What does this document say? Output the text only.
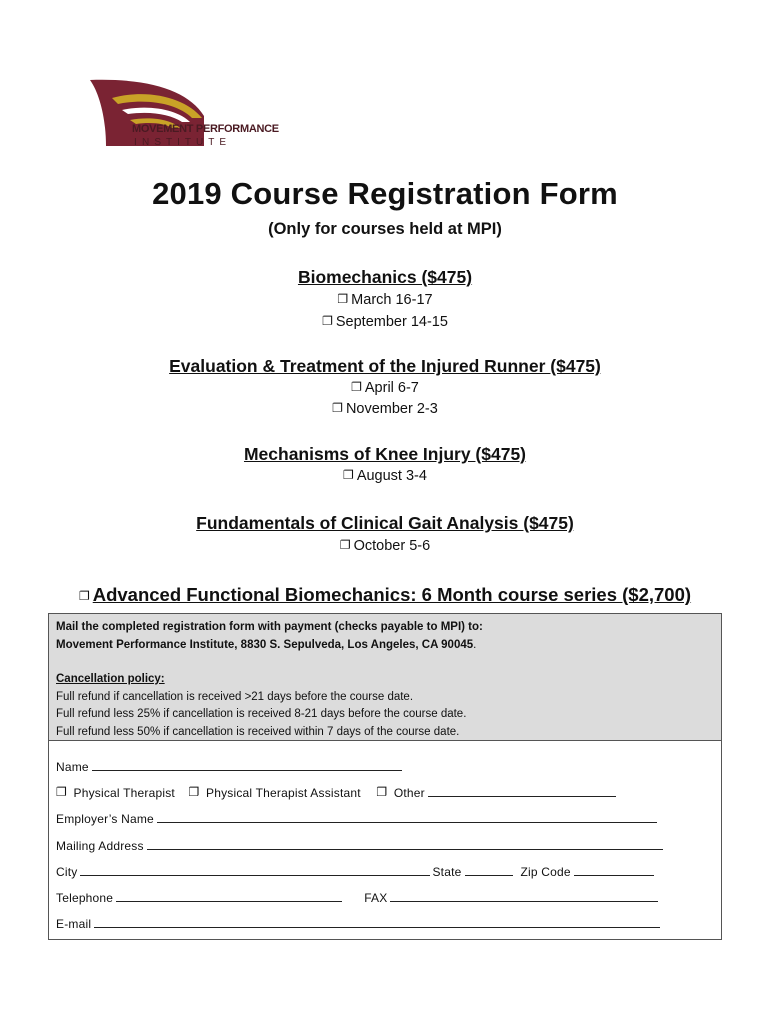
MOVEMENT PERFORMANCE
I N S T I T U T E
2019 Course Registration Form
(Only for courses held at MPI)
Biomechanics ($475)
❐ March 16-17
❐ September 14-15
Evaluation & Treatment of the Injured Runner ($475)
❐ April 6-7
❐ November 2-3
Mechanisms of Knee Injury ($475)
❐ August 3-4
Fundamentals of Clinical Gait Analysis ($475)
❐ October 5-6
❐ Advanced Functional Biomechanics: 6 Month course series ($2,700)
Mail the completed registration form with payment (checks payable to MPI) to:
Movement Performance Institute, 8830 S. Sepulveda, Los Angeles, CA 90045.
Cancellation policy:
Full refund if cancellation is received >21 days before the course date.
Full refund less 25% if cancellation is received 8-21 days before the course date.
Full refund less 50% if cancellation is received within 7 days of the course date.
Name
❐ Physical Therapist ❐ Physical Therapist Assistant ❐ Other
Employer’s Name
Mailing Address
City	State	Zip Code
Telephone	FAX
E-mail
